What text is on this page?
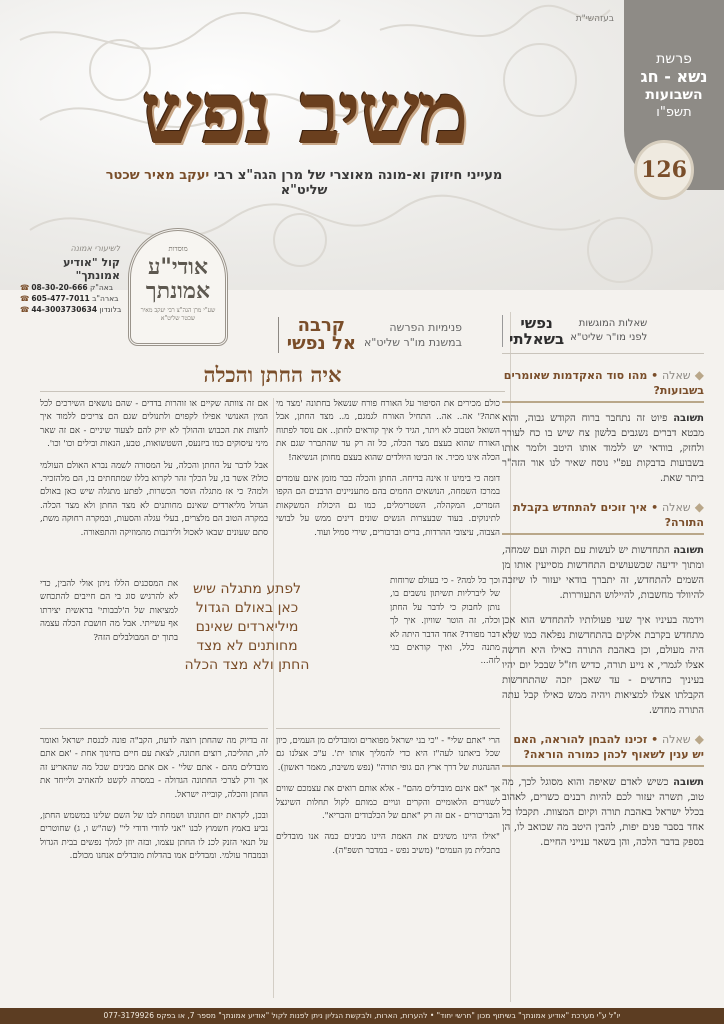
בעזהשי"ת
פרשת
נשא - חג
השבועות
תשפ"ו
126
משיב נפש
מעייני חיזוק וא-מונה מאוצרי של מרן הגה"צ רבי יעקב מאיר שכטר שליט"א
מוסדות
אודי"ע אמונתך
שע"י מרן הגה"צ רבי יעקב מאיר שכטר שליט"א
לשיעורי אמונה
קול "אודיע אמונתך"
☎ 08-30-20-666 באה"ק
☎ 605-477-7011 בארה"ב
☎ 44-3003730634 בלונדון
שאלות המוגשות
לפני מו"ר שליט"א
נפשי
בשאלתי
◆ שאלה • מהו סוד האקדמות שאומרים בשבועות?

תשובה פיוט זה נתחבר ברוח הקודש גבוה, והוא מבטא דברים נשגבים בלשון צח שיש בו כח לעורר ולחזק, בוודאי יש ללמוד אותו היטב ולומר אותו בשבועות בדבקות עפ"י נוסח שאיר לנו אור הזה"ר ביתר שאת.

◆ שאלה • איך זוכים להתחדש בקבלת התורה?

תשובה התחדשות יש לעשות עם תקוה ועם שמחה, ומתוך ידיעה שכשעושים התחדשות מסייעין אותו מן השמים להתחדש, זה יתברך בודאי יעזור לו שיזכה להיוולד מחשבות, להיילוש התעוררות.

וידמה בעיניו איך שעי פעולותיו להתחדש הוא אכן מתחדש בקרבת אלקים בהתחדשות נפלאה כמו שלא היה מעולם, וכן באהבת התורה כאילו היא חדשה אצלו לגמרי, א נייע תורה, כדיש חז"ל שבכל יום יהיו בעיניך כחדשים - עד שאכן יזכה שהתחדשות הקבלתו אצלו למציאות ויהיה ממש כאילו קבל עתה התורה מחדש.

◆ שאלה • זכינו להבחן להוראה, האם יש ענין לשאוף לכהן כמורה הוראה?

תשובה כשיש לאדם שאיפה והוא מסוגל לכך, מה טוב, תשרה יעזור לכם להיות רבנים כשרים, לאהוב בכלל ישראל באהבת תורה וקיום המצוות. תקבלו כל אחד בסבר פנים יפות, להבין היטב מה שכואב לו, הן בספק בדבר הלכה, והן בשאר ענייני החיים.

פנימיות הפרשה
במשנת מו"ר שליט"א
קרבה
אל נפשי
איה החתן והכלה

כולם מכירים את הסיפור על האורח פורח שנשאל בחתונה 'מצד מי אתה?' אה.. אה.. התחיל האורח לגמגם, מ.. מצד החתן, אבל השואל הטבוב לא ויתר, הגיד לי איך קוראים לחתן.. אם נוסד לפתוח האורח שהוא בעצם מצד הכלה, כל זה רק עד שהתברר שגם את הכלה אינו מכיר. אז הביטו היולדים שהוא בעצם מחותן הנשיאה!

דומה כי בימינו זו אינה בדיחה. החתן והכלה כבר מזמן אינם עומדים במרכז השמחה, הנושאים החמים בהם מתעניינים הרבנים הם הקפו הזמרים, המקהלה, השטרימלים, כמו גם היכולת המשקאות לתינוקים. בעוד שבעצרות הנשים שונים דינים ממש על לבושי הצבוה, עיצובי ההרדות, ברים וברבורים, שירי סמיל ועוד.

אם זה צוותה שקיים או זוהרות בדדים - שהם נושאים השירכים לכל המין האנושי אפילו לקפוים ולתנולים שגם הם צריכים ללמוד איך לחצות את הכבוש וההולך לא יזיק להם לצעוד שיניים - אם זה שאר מיני עיסוקים כמו ביזנעס, השטשואות, טבע, הנאות ובילים וכו' וכו'.

אבל לדבר על החתן והכלה, על המסורה לשמה נברא האולם העולמי כולו? אשר בו, על הכלך זהר לקרוא בללו שמתחתים בו, הם מלהזכיר. ולמה? כי אז מתגלה הוסר הכשרות, לפתע מתגלה שיש כאן באולם הגדול מליארדים שאינם מחותנים לא מצד החתן ולא מצד הכלה. במקרה הטוב הם מלצרים, בעלי עגלה והסעות, ובמקרה רחוקה משת, סתם שעונים שבאו לאכול ולירנבות מהמוזיקה והתפאורה.

וכך כל למה? - כי בעולם שרוחות של ליברליות תשיתון נושבים בו, נותן לחבוק כי לדבר על החתן וכלה, זה הוטר שוויון. איך לך דבר מפורד? אחד הדבר היתה לא מתנה כלל, ואיך קוראים בגי לזה...

לפתע מתגלה שיש כאן באולם הגדול מיליארדים שאינם מחותנים לא מצד החתן ולא מצד הכלה

את המסכנים הללו ניתן אולי להבין, כדי לא להרגיש סוג בי הם חייבים להתכחש למציאות של ה'לבבותי' בראשית יצירתו אף עשייתי. אבל מה חושבת הכלה עצמה בתוך ים המבולבלים הזה?

הרי "אתם שלי" - "כי בני ישראל מפוארים ומובדלים מן העמים, כיון שכל ביאתנו לעה"ז היא כדי להמליך אותו ית'. ע"כ אצלנו גם ההנהגות של דרך ארץ הם גופי תורה" (נפש משיבת, מאמר ראשון).

אך "אם אינם מובדלים מהם" - אלא אותם רואים את עצמכם שווים לשגורים הלאומיים והקרים וגויים כמותם לקול תחלות השיגצל והבריבורים - אם זה רק "אתם של הכלבודים והבריא".

"אילו היינו משיגים את האמת היינו מבינים כמה אנו מובדלים בתכלית מן העמים" (משיב נפש - במדבר תשפ"ה).

זה בדיוק מה שהחתן רוצה לדעת, הקב"ה פונה לכנסת ישראל ואומר לה, תהליכה, רוצים חתונה, לצאת עם חיים בחינוך אחת - 'אם אתם מובדלים מהם - אתם שלי' - אם אתם מבינים שכל מה שהאריע זה אך ורק לצרכי החתונה הגדולה - במסרה לקשט להאהיב ולייחד את החתן והכלה, קובייה ישראל.

ובכן, לקראת יום חתונתו ושמחת לבו של השם שלינו במשמש החתן, נביע באמץ חשמוץ לבנו "אני לדודי ודודי לי" (שה"ש ו, ג) שחוטרים על תנאי הזנק לכנ לו החתן עצמו, ובזה יוזן למלך נפשים בבית הגדול ובמבחר עולמי. ומבדלים אמו בהדלות מובדלים אנחנו מכולם.

יו"ל ע"י מערכת "אודיע אמונתך" בשיתוף מכון "חרשי יחוד" • להערות, הארות, ולבקשת הגליון ניתן לפנות לקול "אודיע אמונתך" מספר 7, או בפקס 077-3179926
